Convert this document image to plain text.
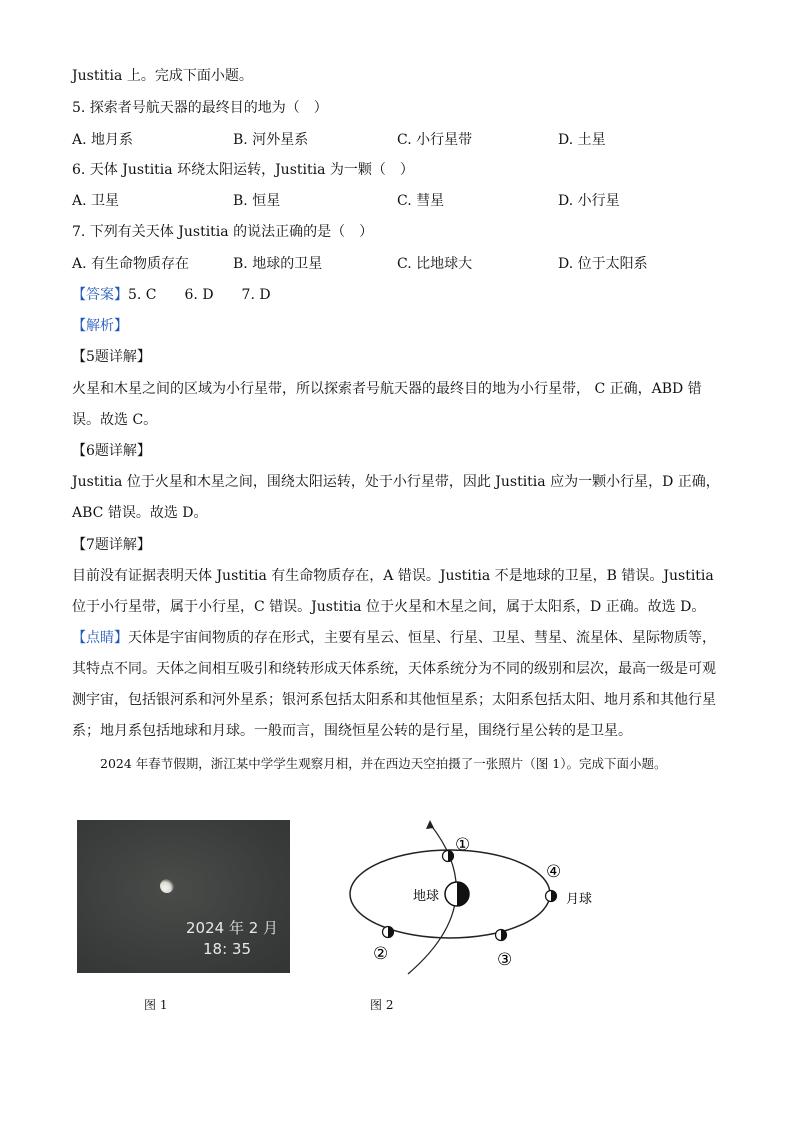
Justitia 上。完成下面小题。
5. 探索者号航天器的最终目的地为（　）
A. 地月系	B. 河外星系	C. 小行星带	D. 土星
6. 天体 Justitia 环绕太阳运转，Justitia 为一颗（　）
A. 卫星	B. 恒星	C. 彗星	D. 小行星
7. 下列有关天体 Justitia 的说法正确的是（　）
A. 有生命物质存在	B. 地球的卫星	C. 比地球大	D. 位于太阳系
【答案】5. C　　6. D　　7. D
【解析】
【5题详解】

火星和木星之间的区域为小行星带，所以探索者号航天器的最终目的地为小行星带， C 正确，ABD 错误。故选 C。

【6题详解】

Justitia 位于火星和木星之间，围绕太阳运转，处于小行星带，因此 Justitia 应为一颗小行星，D 正确，ABC 错误。故选 D。

【7题详解】

目前没有证据表明天体 Justitia 有生命物质存在，A 错误。Justitia 不是地球的卫星，B 错误。Justitia 位于小行星带，属于小行星，C 错误。Justitia 位于火星和木星之间，属于太阳系，D 正确。故选 D。

【点睛】天体是宇宙间物质的存在形式，主要有星云、恒星、行星、卫星、彗星、流星体、星际物质等，其特点不同。天体之间相互吸引和绕转形成天体系统，天体系统分为不同的级别和层次，最高一级是可观测宇宙，包括银河系和河外星系；银河系包括太阳系和其他恒星系；太阳系包括太阳、地月系和其他行星系；地月系包括地球和月球。一般而言，围绕恒星公转的是行星，围绕行星公转的是卫星。

2024 年春节假期，浙江某中学学生观察月相，并在西边天空拍摄了一张照片（图 1）。完成下面小题。

2024 年 2 月
18: 35
图 1
地球	月球
①
②	③
④
图 2
